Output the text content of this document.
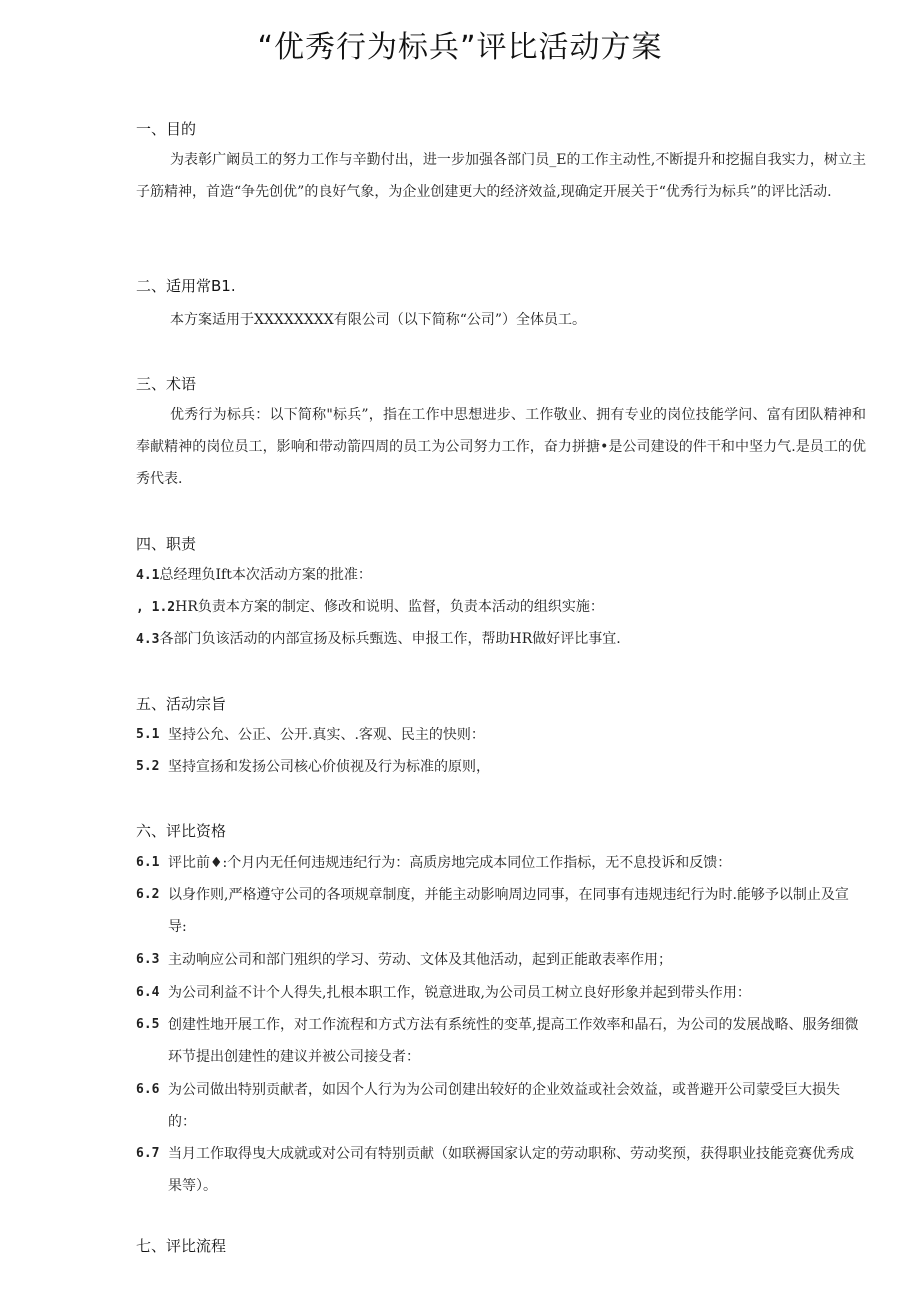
“优秀行为标兵”评比活动方案
一、目的
为表彰广阚员工的努力工作与辛勤付出，进一步加强各部门员_E的工作主动性,不断提升和挖掘自我实力，树立主子筋精神，首造“争先创优”的良好气象，为企业创建更大的经济效益,现确定开展关于“优秀行为标兵”的评比活动.
二、适用常B1.
本方案适用于XXXXXXXX有限公司（以下简称“公司”）全体员工。
三、术语
优秀行为标兵：以下简称"标兵”，指在工作中思想进步、工作敬业、拥有专业的岗位技能学问、富有团队精神和奉献精神的岗位员工，影响和带动箭四周的员工为公司努力工作，奋力拼搪•是公司建设的件干和中坚力气.是员工的优秀代表.
四、职责
4.1总经理负Ift本次活动方案的批准：
, 1.2HR负责本方案的制定、修改和说明、监督，负责本活动的组织实施：
4.3各部门负该活动的内部宣扬及标兵甄选、申报工作，帮助HR做好评比事宜.
五、活动宗旨
5.1 坚持公允、公正、公开.真实、.客观、民主的快则：
5.2 坚持宣扬和发扬公司核心价侦视及行为标准的原则，
六、评比资格
6.1 评比前♦:个月内无任何违规违纪行为：高质房地完成本同位工作指标，无不息投诉和反馈：
6.2 以身作则,严格遵守公司的各项规章制度，并能主动影响周边同事，在同事有违规违纪行为时.能够予以制止及宣导:
6.3 主动响应公司和部门殂织的学习、劳动、文体及其他活动，起到正能敢表率作用；
6.4 为公司利益不计个人得失,扎根本职工作，锐意进取,为公司员工树立良好形象并起到带头作用：
6.5 创建性地开展工作，对工作流程和方式方法有系统性的变革,提高工作效率和晶石，为公司的发展战略、服务细微环节提出创建性的建议并被公司接殳者：
6.6 为公司做出特别贡献者，如因个人行为为公司创建出较好的企业效益或社会效益，或普避开公司蒙受巨大损失的：
6.7 当月工作取得曳大成就或对公司有特别贡献（如联褥国家认定的劳动职称、劳动奖预，获得职业技能竞赛优秀成果等）。
七、评比流程
